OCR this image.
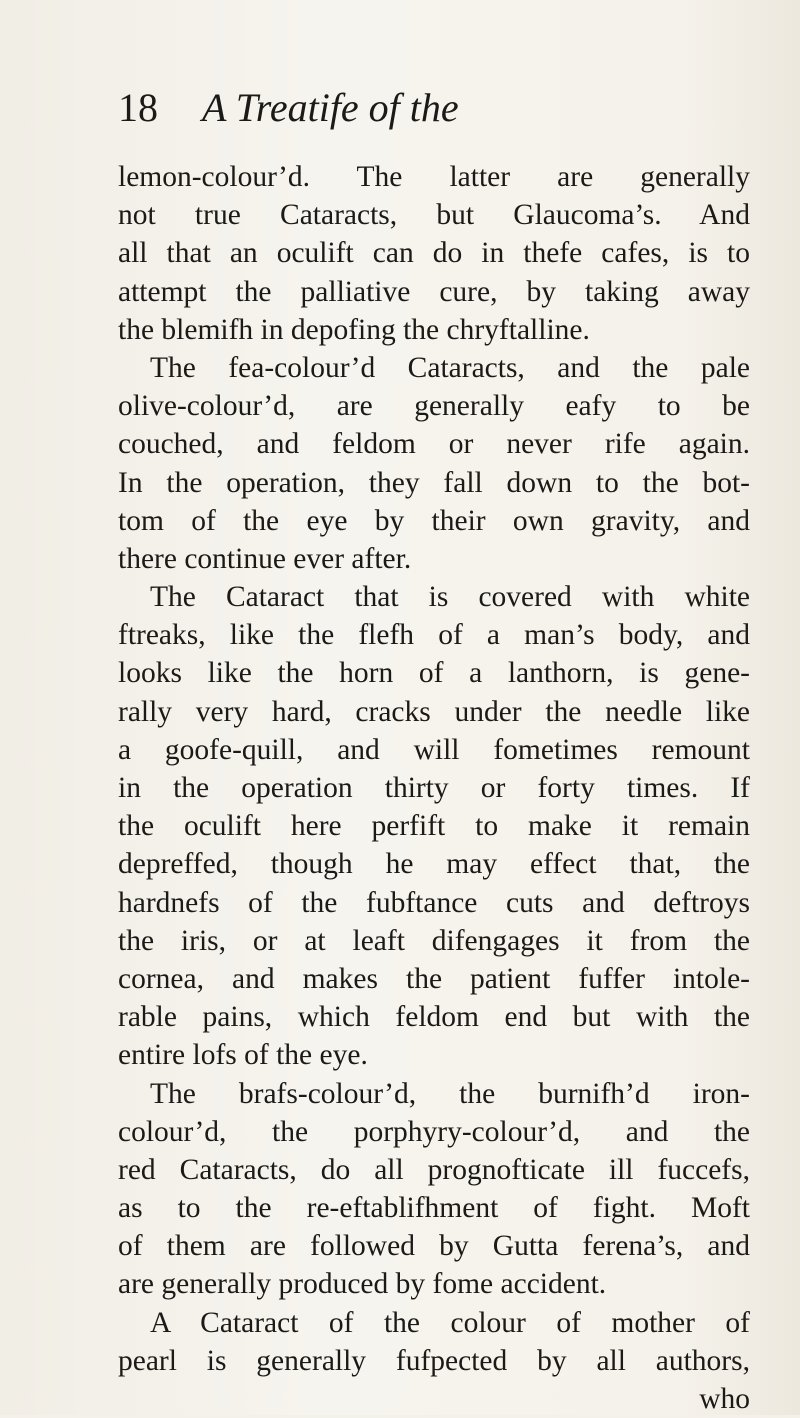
18 A Treatife of the
lemon-colour’d. The latter are generally
not true Cataracts, but Glaucoma’s. And
all that an oculift can do in thefe cafes, is to
attempt the palliative cure, by taking away
the blemifh in depofing the chryftalline.
The fea-colour’d Cataracts, and the pale
olive-colour’d, are generally eafy to be
couched, and feldom or never rife again.
In the operation, they fall down to the bot-
tom of the eye by their own gravity, and
there continue ever after.
The Cataract that is covered with white
ftreaks, like the flefh of a man’s body, and
looks like the horn of a lanthorn, is gene-
rally very hard, cracks under the needle like
a goofe-quill, and will fometimes remount
in the operation thirty or forty times. If
the oculift here perfift to make it remain
depreffed, though he may effect that, the
hardnefs of the fubftance cuts and deftroys
the iris, or at leaft difengages it from the
cornea, and makes the patient fuffer intole-
rable pains, which feldom end but with the
entire lofs of the eye.
The brafs-colour’d, the burnifh’d iron-
colour’d, the porphyry-colour’d, and the
red Cataracts, do all prognofticate ill fuccefs,
as to the re-eftablifhment of fight. Moft
of them are followed by Gutta ferena’s, and
are generally produced by fome accident.
A Cataract of the colour of mother of
pearl is generally fufpected by all authors,
who
